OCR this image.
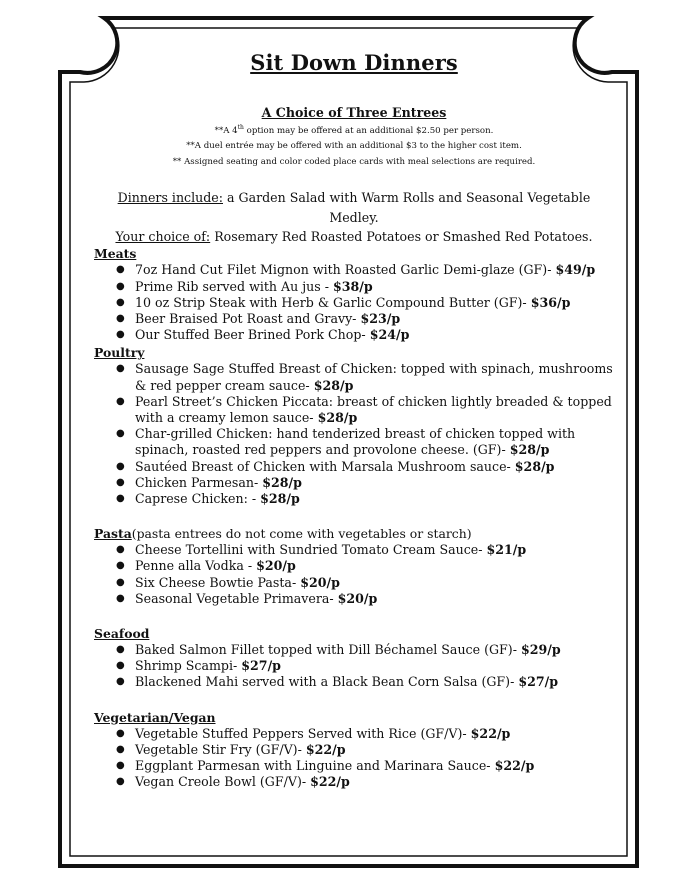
Sit Down Dinners
A Choice of Three Entrees
**A 4th option may be offered at an additional $2.50 per person.
**A duel entrée may be offered with an additional $3 to the higher cost item.
** Assigned seating and color coded place cards with meal selections are required.
Dinners include: a Garden Salad with Warm Rolls and Seasonal Vegetable Medley.
Your choice of: Rosemary Red Roasted Potatoes or Smashed Red Potatoes.
Meats
● 7oz Hand Cut Filet Mignon with Roasted Garlic Demi-glaze (GF)- $49/p
● Prime Rib served with Au jus - $38/p
● 10 oz Strip Steak with Herb & Garlic Compound Butter (GF)- $36/p
● Beer Braised Pot Roast and Gravy- $23/p
● Our Stuffed Beer Brined Pork Chop- $24/p
Poultry
● Sausage Sage Stuffed Breast of Chicken: topped with spinach, mushrooms & red pepper cream sauce- $28/p
● Pearl Street’s Chicken Piccata: breast of chicken lightly breaded & topped with a creamy lemon sauce- $28/p
● Char-grilled Chicken: hand tenderized breast of chicken topped with spinach, roasted red peppers and provolone cheese. (GF)- $28/p
● Sautéed Breast of Chicken with Marsala Mushroom sauce- $28/p
● Chicken Parmesan- $28/p
● Caprese Chicken: - $28/p
Pasta(pasta entrees do not come with vegetables or starch)
● Cheese Tortellini with Sundried Tomato Cream Sauce- $21/p
● Penne alla Vodka - $20/p
● Six Cheese Bowtie Pasta- $20/p
● Seasonal Vegetable Primavera- $20/p
Seafood
● Baked Salmon Fillet topped with Dill Béchamel Sauce (GF)- $29/p
● Shrimp Scampi- $27/p
● Blackened Mahi served with a Black Bean Corn Salsa (GF)- $27/p
Vegetarian/Vegan
● Vegetable Stuffed Peppers Served with Rice (GF/V)- $22/p
● Vegetable Stir Fry (GF/V)- $22/p
● Eggplant Parmesan with Linguine and Marinara Sauce- $22/p
● Vegan Creole Bowl (GF/V)- $22/p
